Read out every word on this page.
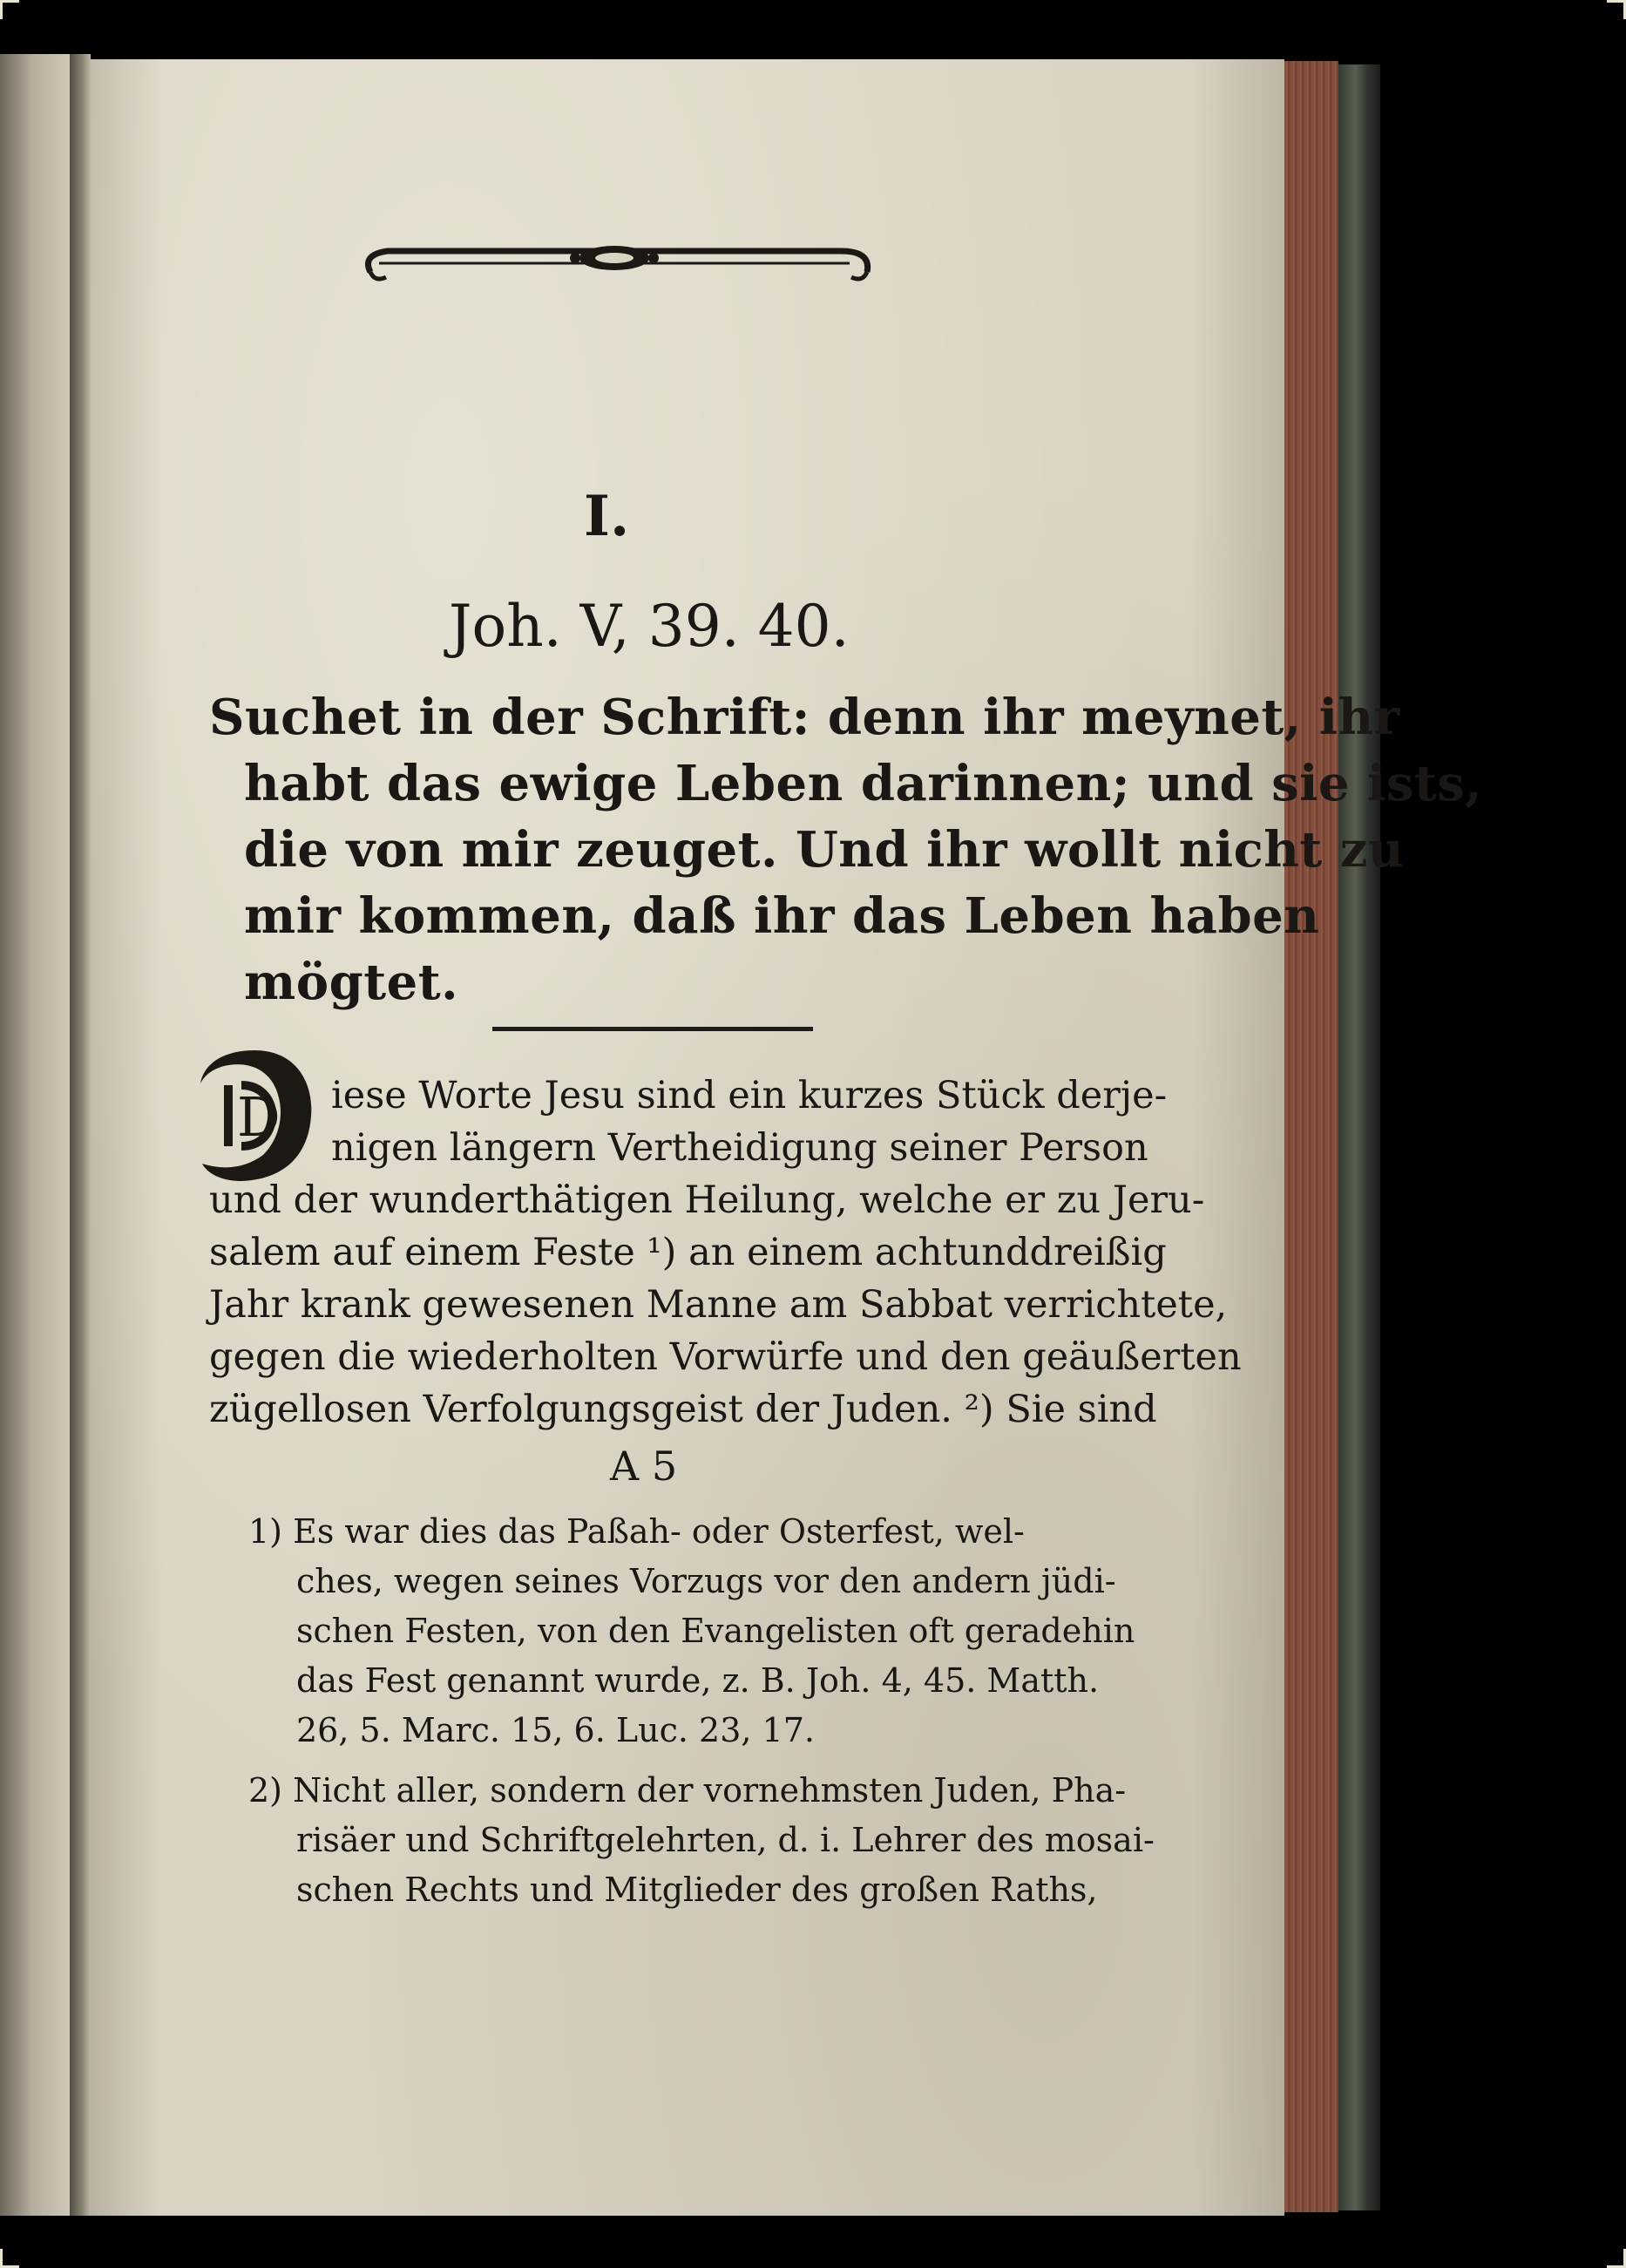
I.
Joh. V, 39. 40.
Suchet in der Schrift: denn ihr meynet, ihr
habt das ewige Leben darinnen; und sie ists,
die von mir zeuget. Und ihr wollt nicht zu
mir kommen, daß ihr das Leben haben
mögtet.
D iese Worte Jesu sind ein kurzes Stück derje-
nigen längern Vertheidigung seiner Person
und der wunderthätigen Heilung, welche er zu Jeru-
salem auf einem Feste ¹) an einem achtunddreißig
Jahr krank gewesenen Manne am Sabbat verrichtete,
gegen die wiederholten Vorwürfe und den geäußerten
zügellosen Verfolgungsgeist der Juden. ²) Sie sind
A 5
1) Es war dies das Paßah- oder Osterfest, wel-
ches, wegen seines Vorzugs vor den andern jüdi-
schen Festen, von den Evangelisten oft geradehin
das Fest genannt wurde, z. B. Joh. 4, 45. Matth.
26, 5. Marc. 15, 6. Luc. 23, 17.
2) Nicht aller, sondern der vornehmsten Juden, Pha-
risäer und Schriftgelehrten, d. i. Lehrer des mosai-
schen Rechts und Mitglieder des großen Raths,
